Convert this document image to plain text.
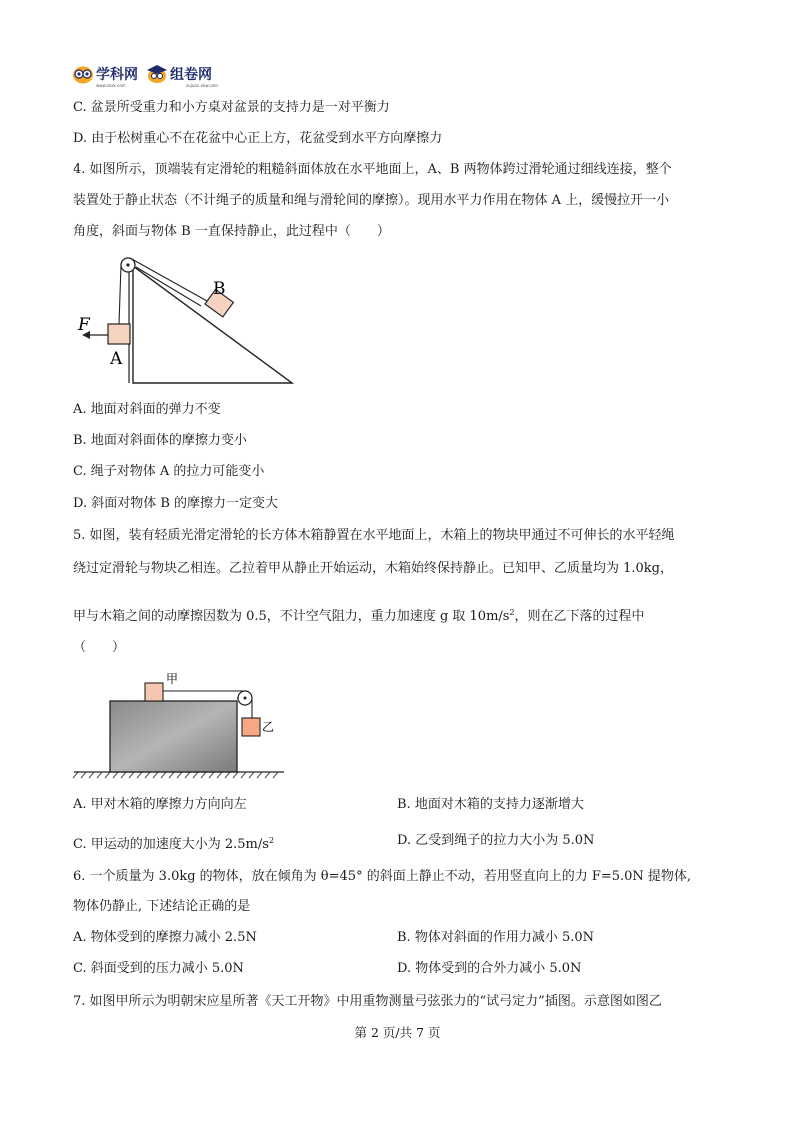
学科网 组卷网
www.zxxk.com	zujuan.xkw.com
C. 盆景所受重力和小方桌对盆景的支持力是一对平衡力
D. 由于松树重心不在花盆中心正上方，花盆受到水平方向摩擦力
4. 如图所示，顶端装有定滑轮的粗糙斜面体放在水平地面上，A、B 两物体跨过滑轮通过细线连接，整个
装置处于静止状态（不计绳子的质量和绳与滑轮间的摩擦）。现用水平力作用在物体 A 上，缓慢拉开一小
角度，斜面与物体 B 一直保持静止，此过程中（　　）
B
A
F
A. 地面对斜面的弹力不变
B. 地面对斜面体的摩擦力变小
C. 绳子对物体 A 的拉力可能变小
D. 斜面对物体 B 的摩擦力一定变大
5. 如图，装有轻质光滑定滑轮的长方体木箱静置在水平地面上，木箱上的物块甲通过不可伸长的水平轻绳
绕过定滑轮与物块乙相连。乙拉着甲从静止开始运动，木箱始终保持静止。已知甲、乙质量均为 1.0kg，
甲与木箱之间的动摩擦因数为 0.5，不计空气阻力，重力加速度 g 取 $10m/s^2$，则在乙下落的过程中
（　　）
甲
乙
A. 甲对木箱的摩擦力方向向左	B. 地面对木箱的支持力逐渐增大
C. 甲运动的加速度大小为 $2.5m/s^2$	D. 乙受到绳子的拉力大小为 5.0N
6. 一个质量为 3.0kg 的物体，放在倾角为 θ=45° 的斜面上静止不动，若用竖直向上的力 F=5.0N 提物体,
物体仍静止, 下述结论正确的是
A. 物体受到的摩擦力减小 2.5N	B. 物体对斜面的作用力减小 5.0N
C. 斜面受到的压力减小 5.0N	D. 物体受到的合外力减小 5.0N
7. 如图甲所示为明朝宋应星所著《天工开物》中用重物测量弓弦张力的“试弓定力”插图。示意图如图乙
第 2 页/共 7 页
